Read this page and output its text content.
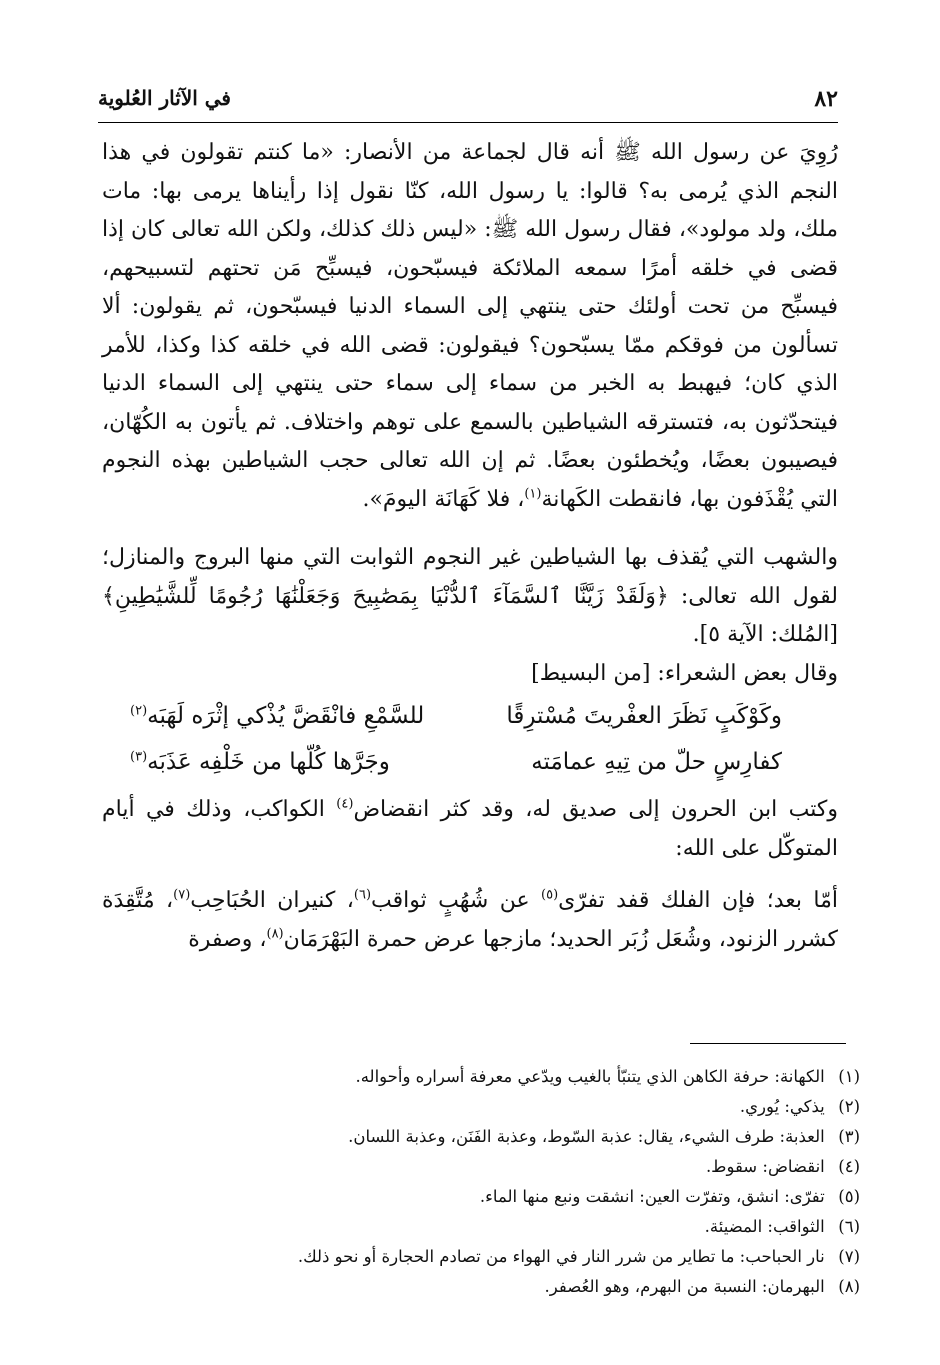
٨٢
في الآثار العُلوية

رُوِيَ عن رسول الله ﷺ أنه قال لجماعة من الأنصار: «ما كنتم تقولون في هذا النجم الذي يُرمى به؟ قالوا: يا رسول الله، كنّا نقول إذا رأيناها يرمى بها: مات ملك، ولد مولود»، فقال رسول الله ﷺ: «ليس ذلك كذلك، ولكن الله تعالى كان إذا قضى في خلقه أمرًا سمعه الملائكة فيسبّحون، فيسبِّح مَن تحتهم لتسبيحهم، فيسبِّح من تحت أولئك حتى ينتهي إلى السماء الدنيا فيسبّحون، ثم يقولون: ألا تسألون من فوقكم ممّا يسبّحون؟ فيقولون: قضى الله في خلقه كذا وكذا، للأمر الذي كان؛ فيهبط به الخبر من سماء إلى سماء حتى ينتهي إلى السماء الدنيا فيتحدّثون به، فتسترقه الشياطين بالسمع على توهم واختلاف. ثم يأتون به الكُهّان، فيصيبون بعضًا، ويُخطئون بعضًا. ثم إن الله تعالى حجب الشياطين بهذه النجوم التي يُقْذَفون بها، فانقطت الكَهانة$^{(١)}$، فلا كَهَانَة اليومَ».

والشهب التي يُقذف بها الشياطين غير النجوم الثوابت التي منها البروج والمنازل؛ لقول الله تعالى: ﴿وَلَقَدْ زَيَّنَّا ٱلسَّمَآءَ ٱلدُّنْيَا بِمَصَٰبِيحَ وَجَعَلْنَٰهَا رُجُومًا لِّلشَّيَٰطِينِ﴾ [المُلك: الآية ٥].

وقال بعض الشعراء: [من البسيط]

وكَوْكَبٍ نَظَرَ العفْريتَ مُسْترِقًا
للسَّمْعِ فانْقَضَّ يُذْكي إثْرَه لَهَبَه$^{(٢)}$
كفارِسٍ حلّ من تِيهِ عمامَته
وجَرَّها كُلّها من خَلْفِه عَذَبَه$^{(٣)}$

وكتب ابن الحرون إلى صديق له، وقد كثر انقضاض$^{(٤)}$ الكواكب، وذلك في أيام المتوكّل على الله:

أمّا بعد؛ فإن الفلك قفد تفرّى$^{(٥)}$ عن شُهُبٍ ثواقب$^{(٦)}$، كنيران الحُبَاحِب$^{(٧)}$، مُتَّقِدَة كشرر الزنود، وشُعَل زُبَر الحديد؛ مازجها عرض حمرة البَهْرَمَان$^{(٨)}$، وصفرة

(١) الكهانة: حرفة الكاهن الذي يتنبّأ بالغيب ويدّعي معرفة أسراره وأحواله.
(٢) يذكي: يُوري.
(٣) العذبة: طرف الشيء، يقال: عذبة السّوط، وعذبة الفَنَن، وعذبة اللسان.
(٤) انقضاض: سقوط.
(٥) تفرّى: انشق، وتفرّت العين: انشقت ونبع منها الماء.
(٦) الثواقب: المضيئة.
(٧) نار الحباحب: ما تطاير من شرر النار في الهواء من تصادم الحجارة أو نحو ذلك.
(٨) البهرمان: النسبة من البهرم، وهو العُصفر.
